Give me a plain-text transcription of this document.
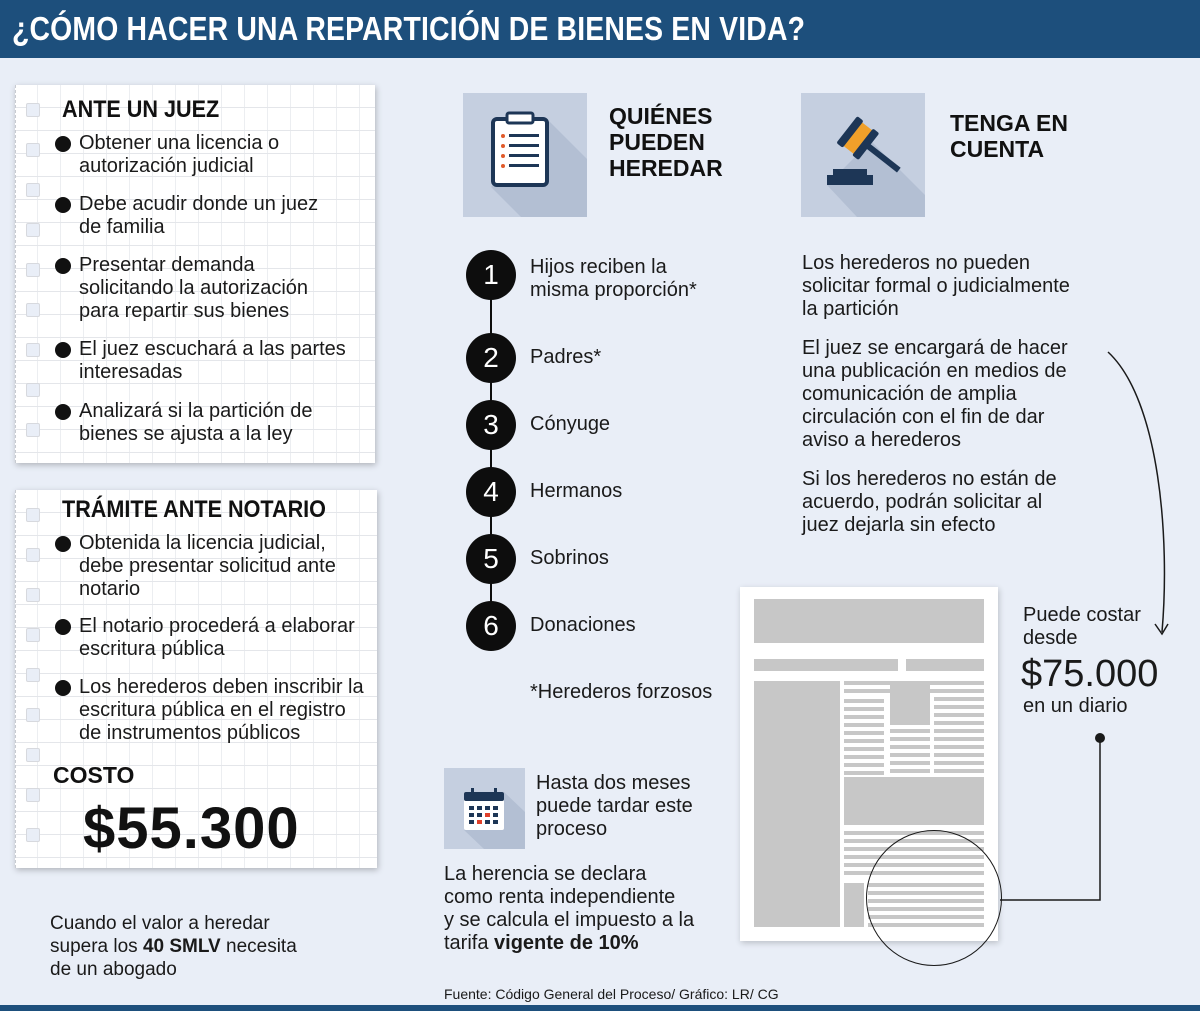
¿CÓMO HACER UNA REPARTICIÓN DE BIENES EN VIDA?
ANTE UN JUEZ
Obtener una licencia o
autorización judicial
Debe acudir donde un juez
de familia
Presentar demanda
solicitando la autorización
para repartir sus bienes
El juez escuchará a las partes
interesadas
Analizará si la partición de
bienes se ajusta a la ley
TRÁMITE ANTE NOTARIO
Obtenida la licencia judicial,
debe presentar solicitud ante
notario
El notario procederá a elaborar
escritura pública
Los herederos deben inscribir la
escritura pública en el registro
de instrumentos públicos
COSTO
$55.300
Cuando el valor a heredar
supera los 40 SMLV necesita
de un abogado
QUIÉNES
PUEDEN
HEREDAR
1	Hijos reciben la
misma proporción*
2	Padres*
3	Cónyuge
4	Hermanos
5	Sobrinos
6	Donaciones
*Herederos forzosos
TENGA EN
CUENTA
Los herederos no pueden
solicitar formal o judicialmente
la partición
El juez se encargará de hacer
una publicación en medios de
comunicación de amplia
circulación con el fin de dar
aviso a herederos
Si los herederos no están de
acuerdo, podrán solicitar al
juez dejarla sin efecto
Puede costar
desde
$75.000
en un diario
Hasta dos meses
puede tardar este
proceso
La herencia se declara
como renta independiente
y se calcula el impuesto a la
tarifa vigente de 10%
Fuente: Código General del Proceso/ Gráfico: LR/ CG
